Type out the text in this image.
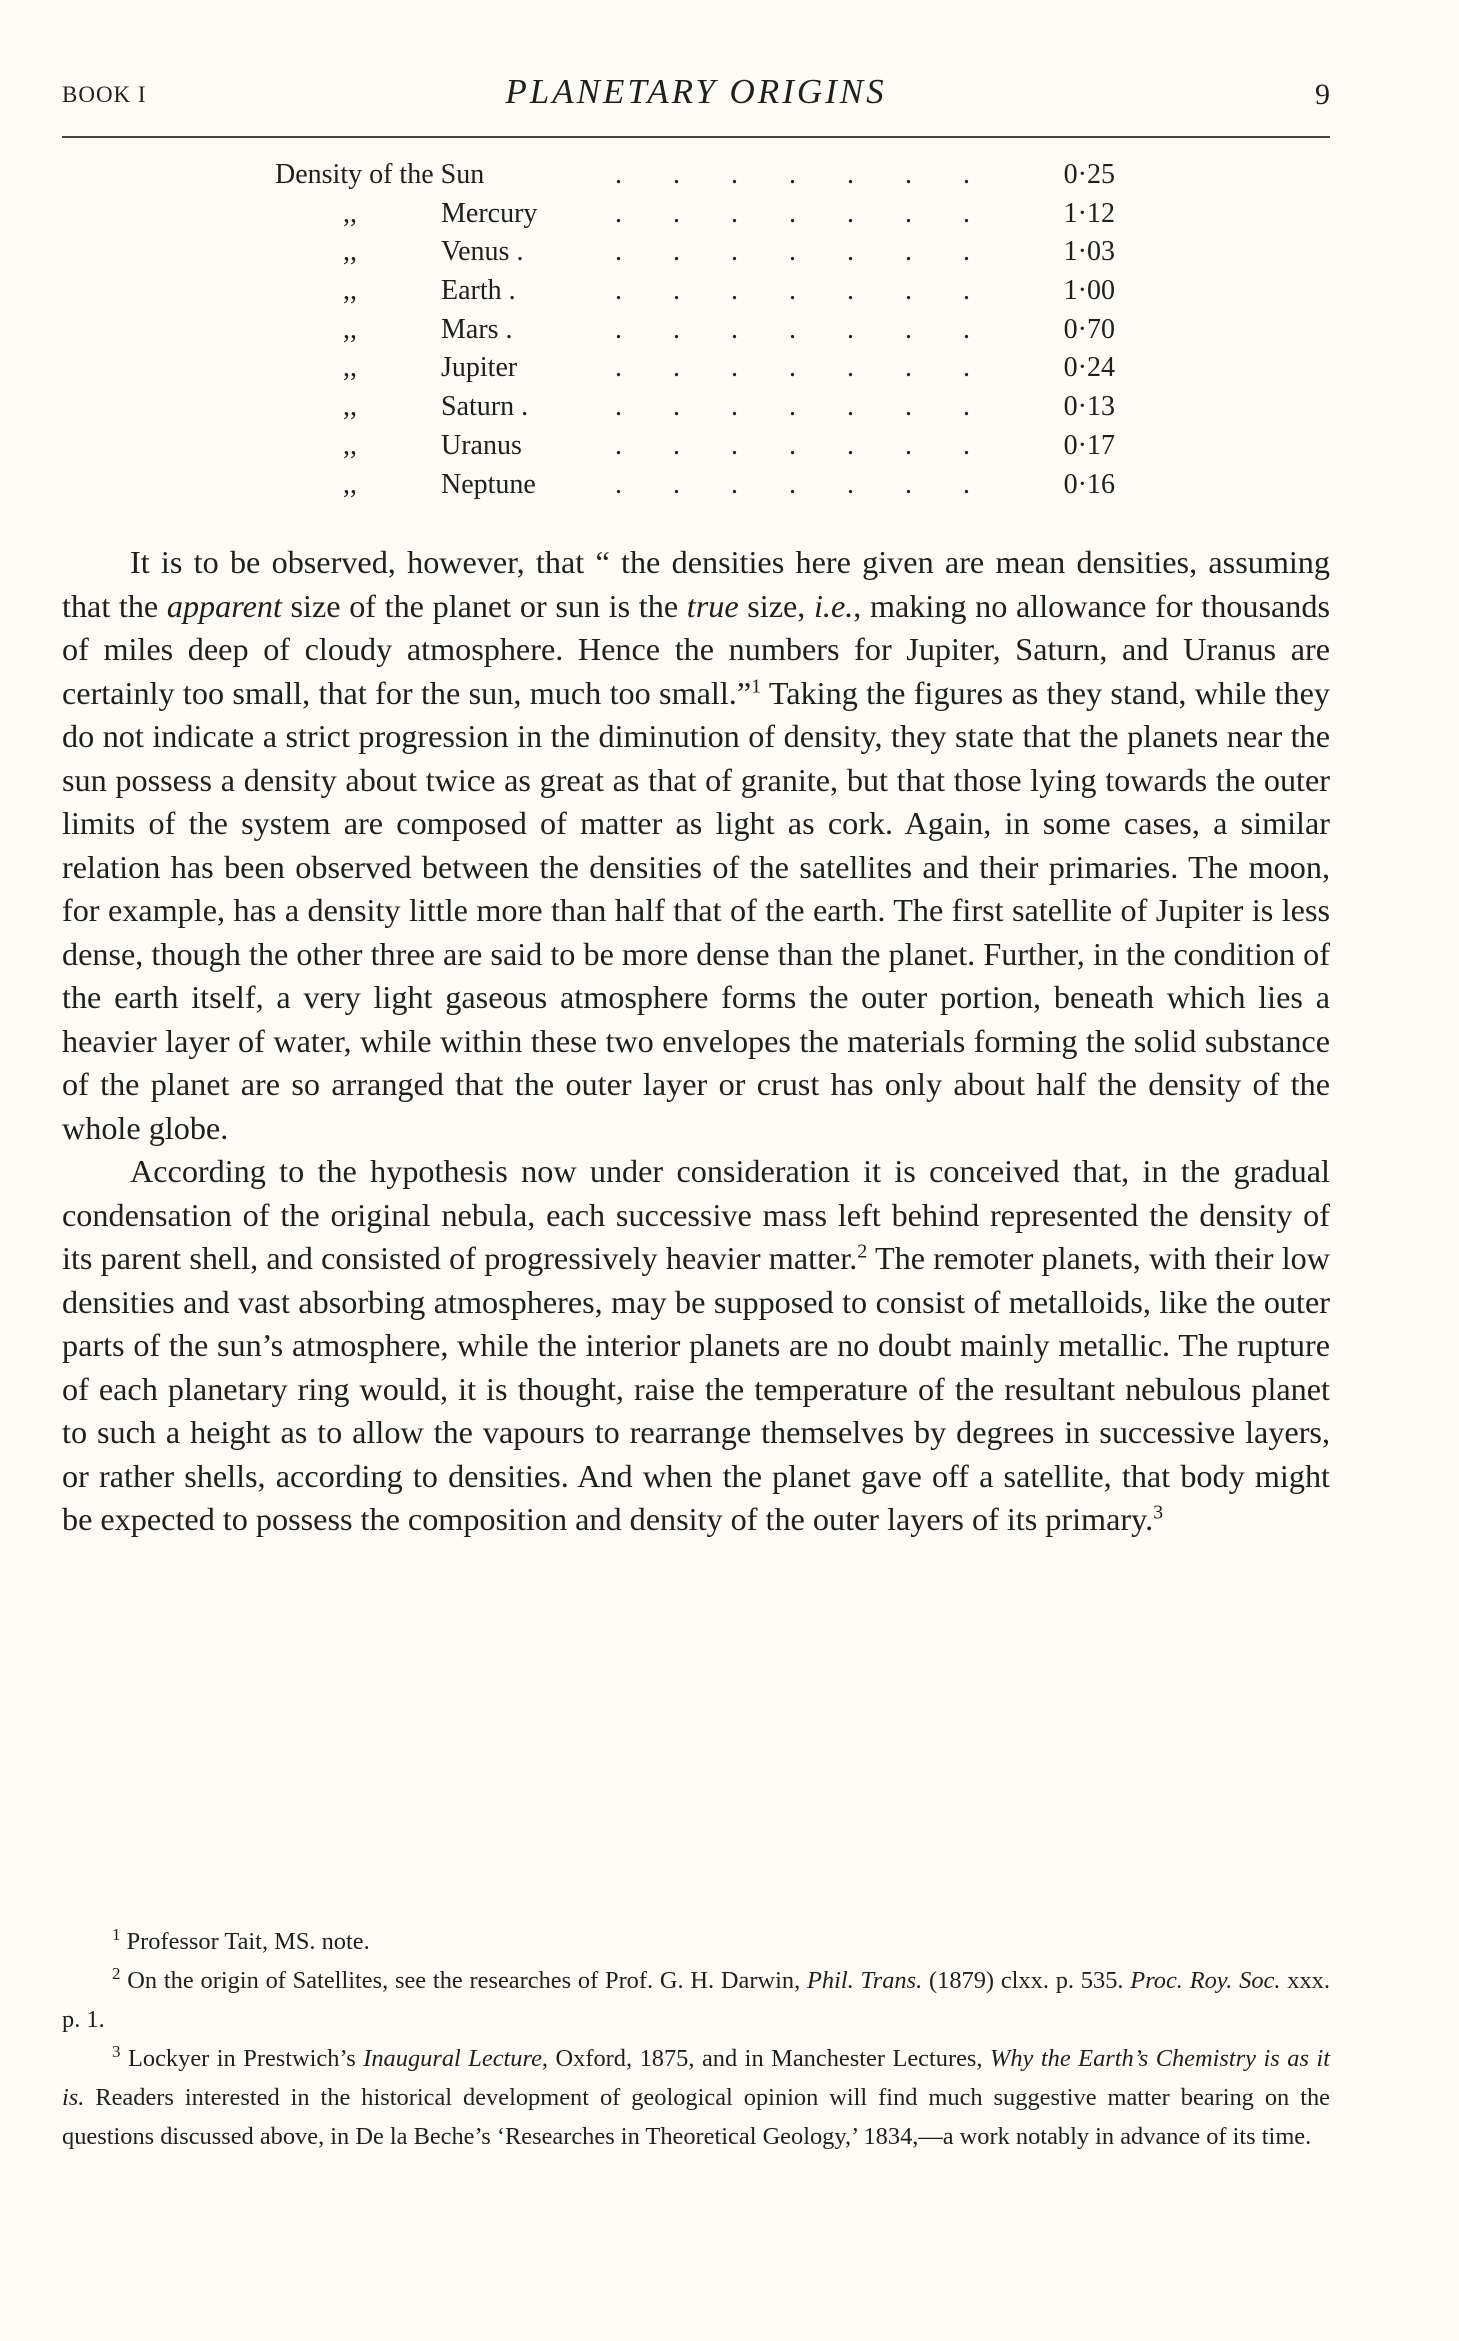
BOOK I	PLANETARY ORIGINS	9
Density of the Sun	. . . . . . .	0·25
,,	Mercury	. . . . . . .	1·12
,,	Venus .	. . . . . . .	1·03
,,	Earth .	. . . . . . .	1·00
,,	Mars .	. . . . . . .	0·70
,,	Jupiter	. . . . . . .	0·24
,,	Saturn .	. . . . . . .	0·13
,,	Uranus	. . . . . . .	0·17
,,	Neptune	. . . . . . .	0·16

It is to be observed, however, that “ the densities here given are mean densities, assuming that the apparent size of the planet or sun is the true size, i.e., making no allowance for thousands of miles deep of cloudy atmosphere. Hence the numbers for Jupiter, Saturn, and Uranus are certainly too small, that for the sun, much too small.”$^1$ Taking the figures as they stand, while they do not indicate a strict progression in the diminution of density, they state that the planets near the sun possess a density about twice as great as that of granite, but that those lying towards the outer limits of the system are composed of matter as light as cork. Again, in some cases, a similar relation has been observed between the densities of the satellites and their primaries. The moon, for example, has a density little more than half that of the earth. The first satellite of Jupiter is less dense, though the other three are said to be more dense than the planet. Further, in the condition of the earth itself, a very light gaseous atmosphere forms the outer portion, beneath which lies a heavier layer of water, while within these two envelopes the materials forming the solid substance of the planet are so arranged that the outer layer or crust has only about half the density of the whole globe.

According to the hypothesis now under consideration it is conceived that, in the gradual condensation of the original nebula, each successive mass left behind represented the density of its parent shell, and consisted of progressively heavier matter.$^2$ The remoter planets, with their low densities and vast absorbing atmospheres, may be supposed to consist of metalloids, like the outer parts of the sun’s atmosphere, while the interior planets are no doubt mainly metallic. The rupture of each planetary ring would, it is thought, raise the temperature of the resultant nebulous planet to such a height as to allow the vapours to rearrange themselves by degrees in successive layers, or rather shells, according to densities. And when the planet gave off a satellite, that body might be expected to possess the composition and density of the outer layers of its primary.$^3$

$^1$ Professor Tait, MS. note.

$^2$ On the origin of Satellites, see the researches of Prof. G. H. Darwin, Phil. Trans. (1879) clxx. p. 535. Proc. Roy. Soc. xxx. p. 1.

$^3$ Lockyer in Prestwich’s Inaugural Lecture, Oxford, 1875, and in Manchester Lectures, Why the Earth’s Chemistry is as it is. Readers interested in the historical development of geological opinion will find much suggestive matter bearing on the questions discussed above, in De la Beche’s ‘Researches in Theoretical Geology,’ 1834,—a work notably in advance of its time.
